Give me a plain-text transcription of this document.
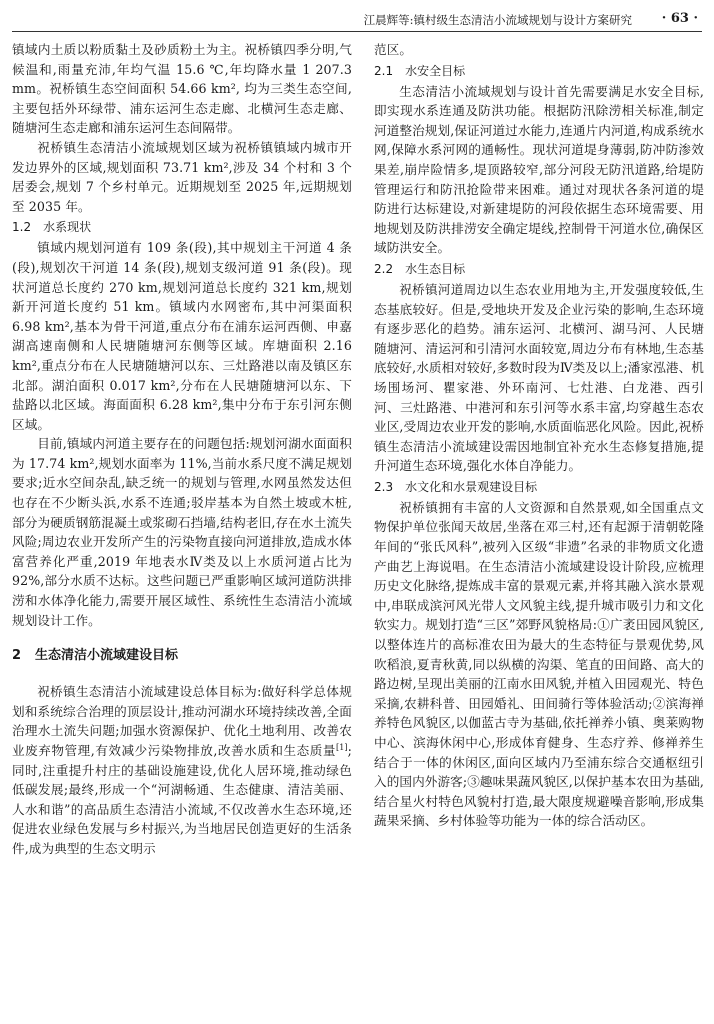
江晨辉等:镇村级生态清洁小流域规划与设计方案研究 · 63 ·

镇域内土质以粉质黏土及砂质粉土为主。祝桥镇四季分明,气候温和,雨量充沛,年均气温 15.6 ℃,年均降水量 1 207.3 mm。祝桥镇生态空间面积 54.66 km², 均为三类生态空间,主要包括外环绿带、浦东运河生态走廊、北横河生态走廊、随塘河生态走廊和浦东运河生态间隔带。

祝桥镇生态清洁小流域规划区域为祝桥镇镇域内城市开发边界外的区域,规划面积 73.71 km²,涉及 34 个村和 3 个居委会,规划 7 个乡村单元。近期规划至 2025 年,远期规划至 2035 年。

1.2 水系现状

镇域内规划河道有 109 条(段),其中规划主干河道 4 条(段),规划次干河道 14 条(段),规划支级河道 91 条(段)。现状河道总长度约 270 km,规划河道总长度约 321 km,规划新开河道长度约 51 km。镇域内水网密布,其中河渠面积 6.98 km²,基本为骨干河道,重点分布在浦东运河西侧、申嘉湖高速南侧和人民塘随塘河东侧等区域。库塘面积 2.16 km²,重点分布在人民塘随塘河以东、三灶路港以南及镇区东北部。湖泊面积 0.017 km²,分布在人民塘随塘河以东、下盐路以北区域。海面面积 6.28 km²,集中分布于东引河东侧区域。

目前,镇域内河道主要存在的问题包括:规划河湖水面面积为 17.74 km²,规划水面率为 11%,当前水系尺度不满足规划要求;近水空间杂乱,缺乏统一的规划与管理,水网虽然发达但也存在不少断头浜,水系不连通;驳岸基本为自然土坡或木桩,部分为硬质钢筋混凝土或浆砌石挡墙,结构老旧,存在水土流失风险;周边农业开发所产生的污染物直接向河道排放,造成水体富营养化严重,2019 年地表水Ⅳ类及以上水质河道占比为 92%,部分水质不达标。这些问题已严重影响区域河道防洪排涝和水体净化能力,需要开展区域性、系统性生态清洁小流域规划设计工作。

2 生态清洁小流域建设目标

祝桥镇生态清洁小流域建设总体目标为:做好科学总体规划和系统综合治理的顶层设计,推动河湖水环境持续改善,全面治理水土流失问题;加强水资源保护、优化土地利用、改善农业废弃物管理,有效减少污染物排放,改善水质和生态质量[1];同时,注重提升村庄的基础设施建设,优化人居环境,推动绿色低碳发展;最终,形成一个“河湖畅通、生态健康、清洁美丽、人水和谐”的高品质生态清洁小流域,不仅改善水生态环境,还促进农业绿色发展与乡村振兴,为当地居民创造更好的生活条件,成为典型的生态文明示

范区。

2.1 水安全目标

生态清洁小流域规划与设计首先需要满足水安全目标,即实现水系连通及防洪功能。根据防汛除涝相关标准,制定河道整治规划,保证河道过水能力,连通片内河道,构成系统水网,保障水系河网的通畅性。现状河道堤身薄弱,防冲防渗效果差,崩岸险情多,堤顶路较窄,部分河段无防汛道路,给堤防管理运行和防汛抢险带来困难。通过对现状各条河道的堤防进行达标建设,对新建堤防的河段依据生态环境需要、用地规划及防洪排涝安全确定堤线,控制骨干河道水位,确保区域防洪安全。

2.2 水生态目标

祝桥镇河道周边以生态农业用地为主,开发强度较低,生态基底较好。但是,受地块开发及企业污染的影响,生态环境有逐步恶化的趋势。浦东运河、北横河、湖马河、人民塘随塘河、清运河和引清河水面较宽,周边分布有林地,生态基底较好,水质相对较好,多数时段为Ⅳ类及以上;潘家泓港、机场围场河、瞿家港、外环南河、七灶港、白龙港、西引河、三灶路港、中港河和东引河等水系丰富,均穿越生态农业区,受周边农业开发的影响,水质面临恶化风险。因此,祝桥镇生态清洁小流域建设需因地制宜补充水生态修复措施,提升河道生态环境,强化水体自净能力。

2.3 水文化和水景观建设目标

祝桥镇拥有丰富的人文资源和自然景观,如全国重点文物保护单位张闻天故居,坐落在邓三村,还有起源于清朝乾隆年间的“张氏风科”,被列入区级“非遗”名录的非物质文化遗产曲艺上海说唱。在生态清洁小流域建设设计阶段,应梳理历史文化脉络,提炼成丰富的景观元素,并将其融入滨水景观中,串联成滨河风光带人文风貌主线,提升城市吸引力和文化软实力。规划打造“三区”郊野风貌格局:①广袤田园风貌区,以整体连片的高标准农田为最大的生态特征与景观优势,风吹稻浪,夏青秋黄,同以纵横的沟渠、笔直的田间路、高大的路边树,呈现出美丽的江南水田风貌,并植入田园观光、特色采摘,农耕科普、田园婚礼、田间骑行等体验活动;②滨海禅养特色风貌区,以伽蓝古寺为基础,依托禅养小镇、奥莱购物中心、滨海休闲中心,形成体育健身、生态疗养、修禅养生结合于一体的休闲区,面向区域内乃至浦东综合交通枢纽引入的国内外游客;③趣味果蔬风貌区,以保护基本农田为基础,结合星火村特色风貌村打造,最大限度规避噪音影响,形成集蔬果采摘、乡村体验等功能为一体的综合活动区。
